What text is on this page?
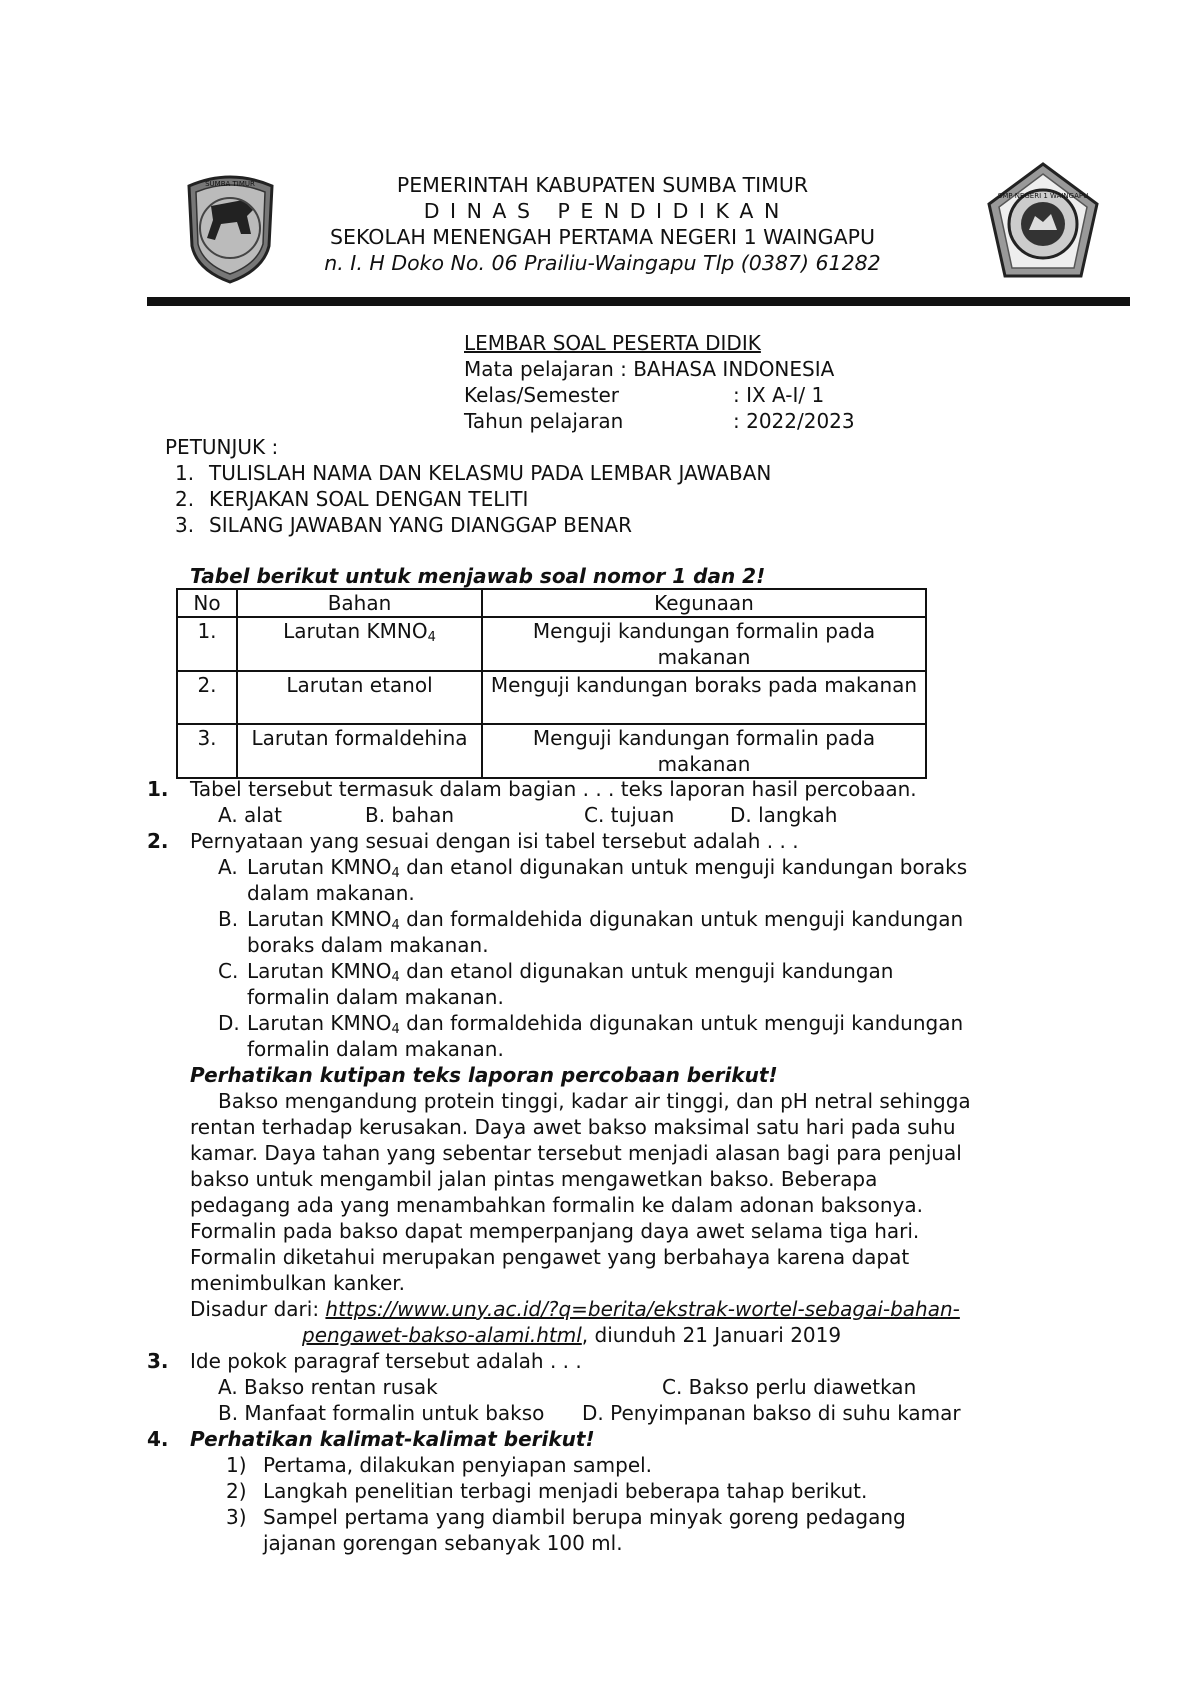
SUMBA TIMUR
SMP NEGERI 1 WAINGAPU
PEMERINTAH KABUPATEN SUMBA TIMUR
D I N A S   P E N D I D I K A N
SEKOLAH MENENGAH PERTAMA NEGERI 1 WAINGAPU
n. I. H Doko No. 06 Prailiu-Waingapu Tlp (0387) 61282
LEMBAR SOAL PESERTA DIDIK
Mata pelajaran : BAHASA INDONESIA
Kelas/Semester	: IX A-I/ 1
Tahun pelajaran	: 2022/2023
PETUNJUK :
1. TULISLAH NAMA DAN KELASMU PADA LEMBAR JAWABAN
2. KERJAKAN SOAL DENGAN TELITI
3. SILANG JAWABAN YANG DIANGGAP BENAR
Tabel berikut untuk menjawab soal nomor 1 dan 2!
No	Bahan	Kegunaan
1.	Larutan $KMNO_4$	Menguji kandungan formalin pada makanan
2.	Larutan etanol	Menguji kandungan boraks pada makanan
3.	Larutan formaldehina	Menguji kandungan formalin pada makanan
1. Tabel tersebut termasuk dalam bagian . . . teks laporan hasil percobaan.
A. alat	B. bahan	C. tujuan	D. langkah
2. Pernyataan yang sesuai dengan isi tabel tersebut adalah . . .
A. Larutan $KMNO_4$ dan etanol digunakan untuk menguji kandungan boraks
dalam makanan.
B. Larutan $KMNO_4$ dan formaldehida digunakan untuk menguji kandungan
boraks dalam makanan.
C. Larutan $KMNO_4$ dan etanol digunakan untuk menguji kandungan
formalin dalam makanan.
D. Larutan $KMNO_4$ dan formaldehida digunakan untuk menguji kandungan
formalin dalam makanan.
Perhatikan kutipan teks laporan percobaan berikut!
Bakso mengandung protein tinggi, kadar air tinggi, dan pH netral sehingga
rentan terhadap kerusakan. Daya awet bakso maksimal satu hari pada suhu
kamar. Daya tahan yang sebentar tersebut menjadi alasan bagi para penjual
bakso untuk mengambil jalan pintas mengawetkan bakso. Beberapa
pedagang ada yang menambahkan formalin ke dalam adonan baksonya.
Formalin pada bakso dapat memperpanjang daya awet selama tiga hari.
Formalin diketahui merupakan pengawet yang berbahaya karena dapat
menimbulkan kanker.
Disadur dari: https://www.uny.ac.id/?q=berita/ekstrak-wortel-sebagai-bahan-
pengawet-bakso-alami.html, diunduh 21 Januari 2019
3. Ide pokok paragraf tersebut adalah . . .
A. Bakso rentan rusak	C. Bakso perlu diawetkan
B. Manfaat formalin untuk bakso D. Penyimpanan bakso di suhu kamar
4. Perhatikan kalimat-kalimat berikut!
1) Pertama, dilakukan penyiapan sampel.
2) Langkah penelitian terbagi menjadi beberapa tahap berikut.
3) Sampel pertama yang diambil berupa minyak goreng pedagang
jajanan gorengan sebanyak 100 ml.
